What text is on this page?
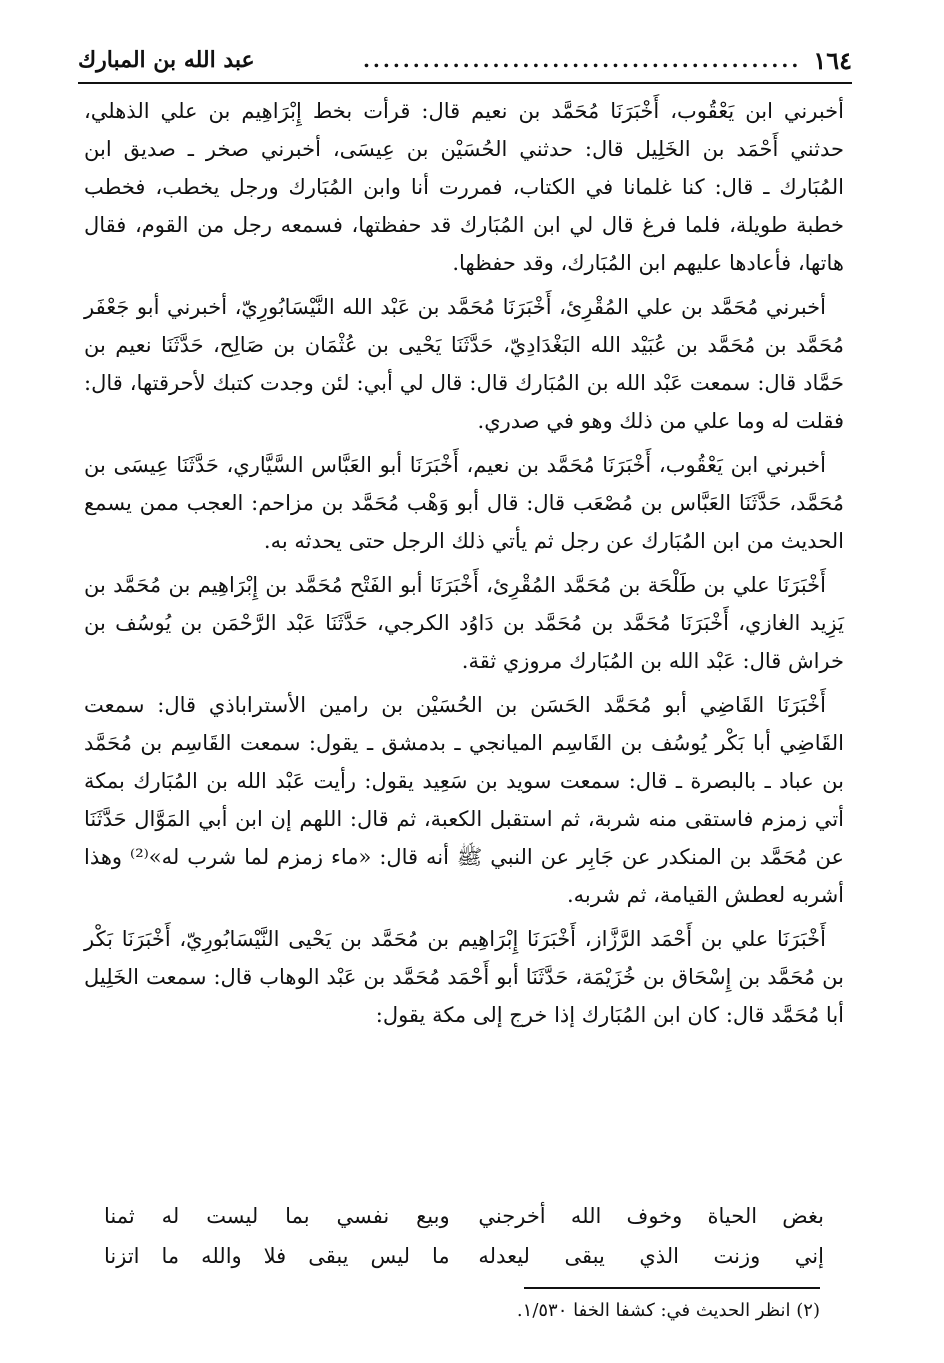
١٦٤
............................................
عبد الله بن المبارك

أخبرني ابن يَعْقُوب، أَخْبَرَنَا مُحَمَّد بن نعيم قال: قرأت بخط إِبْرَاهِيم بن علي الذهلي، حدثني أَحْمَد بن الخَلِيل قال: حدثني الحُسَيْن بن عِيسَى، أخبرني صخر ـ صديق ابن المُبَارك ـ قال: كنا غلمانا في الكتاب، فمررت أنا وابن المُبَارك ورجل يخطب، فخطب خطبة طويلة، فلما فرغ قال لي ابن المُبَارك قد حفظتها، فسمعه رجل من القوم، فقال هاتها، فأعادها عليهم ابن المُبَارك، وقد حفظها.

أخبرني مُحَمَّد بن علي المُقْرِئ، أَخْبَرَنَا مُحَمَّد بن عَبْد الله النَّيْسَابُورِيّ، أخبرني أبو جَعْفَر مُحَمَّد بن مُحَمَّد بن عُبَيْد الله البَغْدَادِيّ، حَدَّثَنَا يَحْيى بن عُثْمَان بن صَالِح، حَدَّثَنَا نعيم بن حَمَّاد قال: سمعت عَبْد الله بن المُبَارك قال: قال لي أبي: لئن وجدت كتبك لأحرقتها، قال: فقلت له وما علي من ذلك وهو في صدري.

أخبرني ابن يَعْقُوب، أَخْبَرَنَا مُحَمَّد بن نعيم، أَخْبَرَنَا أبو العَبَّاس السَّيَّاري، حَدَّثَنَا عِيسَى بن مُحَمَّد، حَدَّثَنَا العَبَّاس بن مُصْعَب قال: قال أبو وَهْب مُحَمَّد بن مزاحم: العجب ممن يسمع الحديث من ابن المُبَارك عن رجل ثم يأتي ذلك الرجل حتى يحدثه به.

أَخْبَرَنَا علي بن طَلْحَة بن مُحَمَّد المُقْرِئ، أَخْبَرَنَا أبو الفَتْح مُحَمَّد بن إِبْرَاهِيم بن مُحَمَّد بن يَزِيد الغازي، أَخْبَرَنَا مُحَمَّد بن مُحَمَّد بن دَاوُد الكرجي، حَدَّثَنَا عَبْد الرَّحْمَن بن يُوسُف بن خراش قال: عَبْد الله بن المُبَارك مروزي ثقة.

أَخْبَرَنَا القَاضِي أبو مُحَمَّد الحَسَن بن الحُسَيْن بن رامين الأستراباذي قال: سمعت القَاضِي أبا بَكْر يُوسُف بن القَاسِم الميانجي ـ بدمشق ـ يقول: سمعت القَاسِم بن مُحَمَّد بن عباد ـ بالبصرة ـ قال: سمعت سويد بن سَعِيد يقول: رأيت عَبْد الله بن المُبَارك بمكة أتي زمزم فاستقى منه شربة، ثم استقبل الكعبة، ثم قال: اللهم إن ابن أبي المَوَّال حَدَّثَنَا عن مُحَمَّد بن المنكدر عن جَابِر عن النبي ﷺ أنه قال: «ماء زمزم لما شرب له»⁽²⁾ وهذا أشربه لعطش القيامة، ثم شربه.

أَخْبَرَنَا علي بن أَحْمَد الرَّزَّاز، أَخْبَرَنَا إِبْرَاهِيم بن مُحَمَّد بن يَحْيى النَّيْسَابُورِيّ، أَخْبَرَنَا بَكْر بن مُحَمَّد بن إِسْحَاق بن خُزَيْمَة، حَدَّثَنَا أبو أَحْمَد مُحَمَّد بن عَبْد الوهاب قال: سمعت الخَلِيل أبا مُحَمَّد قال: كان ابن المُبَارك إذا خرج إلى مكة يقول:

بغض الحياة وخوف الله أخرجني
وبيع نفسي بما ليست له ثمنا
إني وزنت الذي يبقى ليعدله
ما ليس يبقى فلا والله ما اتزنا
(٢) انظر الحديث في: كشفا الخفا ١/٥٣٠.
